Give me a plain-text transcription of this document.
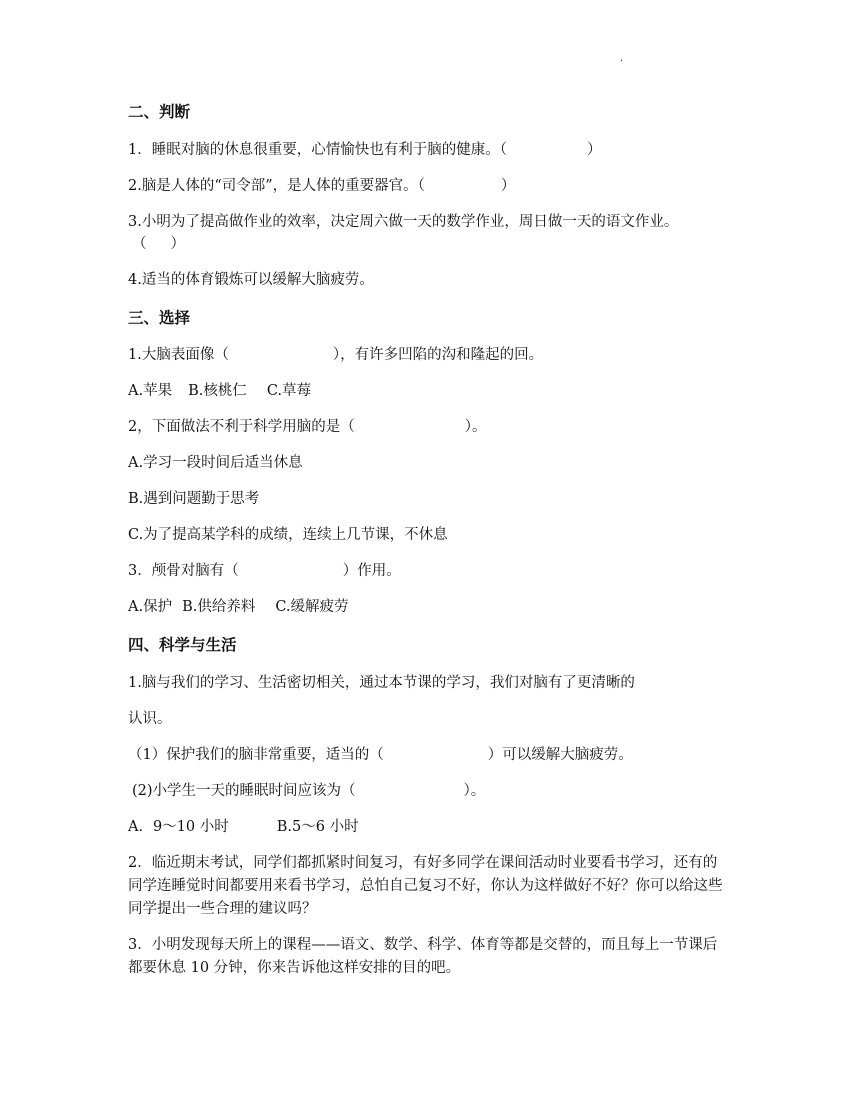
.
二、判断
1．睡眠对脑的休息很重要，心情愉快也有利于脑的健康。（	）
2.脑是人体的“司令部”，是人体的重要器官。（	）
3.小明为了提高做作业的效率，决定周六做一天的数学作业，周日做一天的语文作业。
（ ）
4.适当的体育锻炼可以缓解大脑疲劳。
三、选择
1.大脑表面像（	），有许多凹陷的沟和隆起的回。
A.苹果 B.核桃仁 C.草莓
2，下面做法不利于科学用脑的是（	）。
A.学习一段时间后适当休息
B.遇到问题勤于思考
C.为了提高某学科的成绩，连续上几节课，不休息
3．颅骨对脑有（	）作用。
A.保护 B.供给养料 C.缓解疲劳
四、科学与生活
1.脑与我们的学习、生活密切相关，通过本节课的学习，我们对脑有了更清晰的
认识。
（1）保护我们的脑非常重要，适当的（	）可以缓解大脑疲劳。
(2)小学生一天的睡眠时间应该为（	）。
A．9～10 小时	B.5～6 小时
2．临近期末考试，同学们都抓紧时间复习，有好多同学在课间活动时业要看书学习，还有的
同学连睡觉时间都要用来看书学习，总怕自己复习不好，你认为这样做好不好？你可以给这些
同学提出一些合理的建议吗？
3．小明发现每天所上的课程——语文、数学、科学、体育等都是交替的，而且每上一节课后
都要休息 10 分钟，你来告诉他这样安排的目的吧。
